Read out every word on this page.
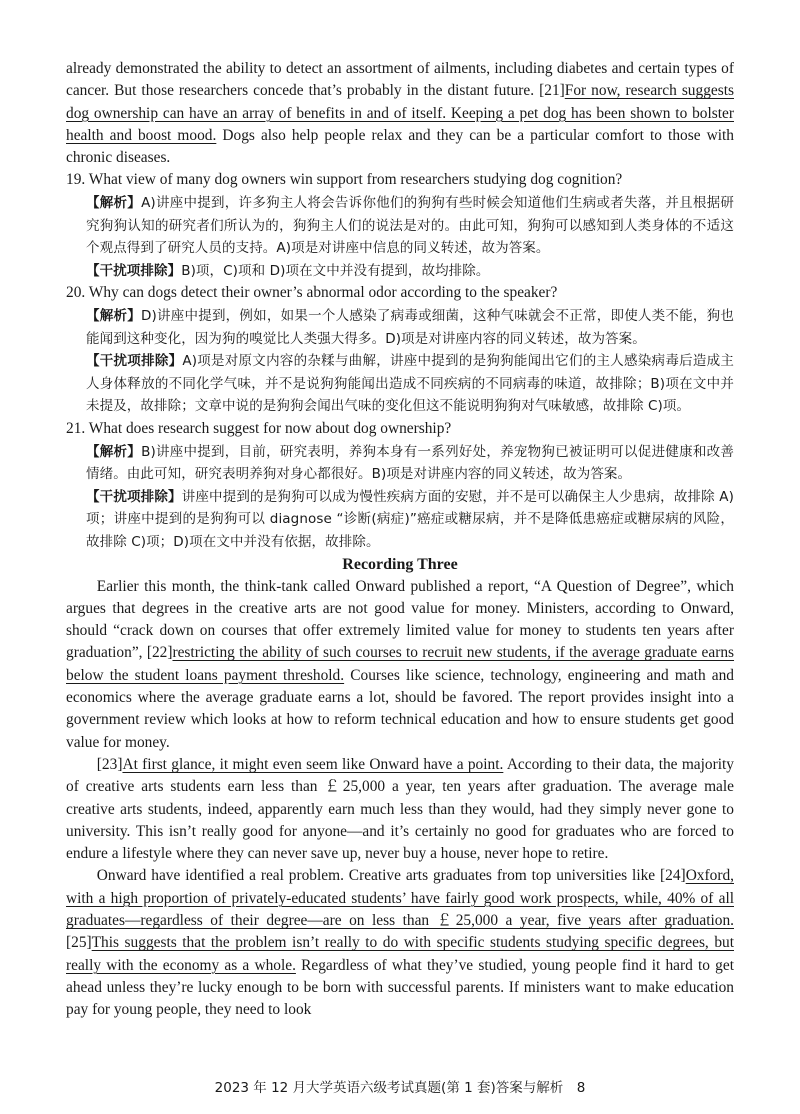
already demonstrated the ability to detect an assortment of ailments, including diabetes and certain types of cancer. But those researchers concede that’s probably in the distant future. [21]For now, research suggests dog ownership can have an array of benefits in and of itself. Keeping a pet dog has been shown to bolster health and boost mood. Dogs also help people relax and they can be a particular comfort to those with chronic diseases.

19. What view of many dog owners win support from researchers studying dog cognition?

【解析】A)讲座中提到，许多狗主人将会告诉你他们的狗狗有些时候会知道他们生病或者失落，并且根据研究狗狗认知的研究者们所认为的，狗狗主人们的说法是对的。由此可知，狗狗可以感知到人类身体的不适这个观点得到了研究人员的支持。A)项是对讲座中信息的同义转述，故为答案。

【干扰项排除】B)项，C)项和 D)项在文中并没有提到，故均排除。

20. Why can dogs detect their owner’s abnormal odor according to the speaker?

【解析】D)讲座中提到，例如，如果一个人感染了病毒或细菌，这种气味就会不正常，即使人类不能，狗也能闻到这种变化，因为狗的嗅觉比人类强大得多。D)项是对讲座内容的同义转述，故为答案。

【干扰项排除】A)项是对原文内容的杂糅与曲解，讲座中提到的是狗狗能闻出它们的主人感染病毒后造成主人身体释放的不同化学气味，并不是说狗狗能闻出造成不同疾病的不同病毒的味道，故排除；B)项在文中并未提及，故排除；文章中说的是狗狗会闻出气味的变化但这不能说明狗狗对气味敏感，故排除 C)项。

21. What does research suggest for now about dog ownership?

【解析】B)讲座中提到，目前，研究表明，养狗本身有一系列好处，养宠物狗已被证明可以促进健康和改善情绪。由此可知，研究表明养狗对身心都很好。B)项是对讲座内容的同义转述，故为答案。

【干扰项排除】讲座中提到的是狗狗可以成为慢性疾病方面的安慰，并不是可以确保主人少患病，故排除 A)项；讲座中提到的是狗狗可以 diagnose “诊断(病症)”癌症或糖尿病，并不是降低患癌症或糖尿病的风险，故排除 C)项；D)项在文中并没有依据，故排除。

Recording Three

Earlier this month, the think-tank called Onward published a report, “A Question of Degree”, which argues that degrees in the creative arts are not good value for money. Ministers, according to Onward, should “crack down on courses that offer extremely limited value for money to students ten years after graduation”, [22]restricting the ability of such courses to recruit new students, if the average graduate earns below the student loans payment threshold. Courses like science, technology, engineering and math and economics where the average graduate earns a lot, should be favored. The report provides insight into a government review which looks at how to reform technical education and how to ensure students get good value for money.

[23]At first glance, it might even seem like Onward have a point. According to their data, the majority of creative arts students earn less than ￡25,000 a year, ten years after graduation. The average male creative arts students, indeed, apparently earn much less than they would, had they simply never gone to university. This isn’t really good for anyone—and it’s certainly no good for graduates who are forced to endure a lifestyle where they can never save up, never buy a house, never hope to retire.

Onward have identified a real problem. Creative arts graduates from top universities like [24]Oxford, with a high proportion of privately-educated students’ have fairly good work prospects, while, 40% of all graduates—regardless of their degree—are on less than ￡25,000 a year, five years after graduation. [25]This suggests that the problem isn’t really to do with specific students studying specific degrees, but really with the economy as a whole. Regardless of what they’ve studied, young people find it hard to get ahead unless they’re lucky enough to be born with successful parents. If ministers want to make education pay for young people, they need to look

2023 年 12 月大学英语六级考试真题(第 1 套)答案与解析　8
